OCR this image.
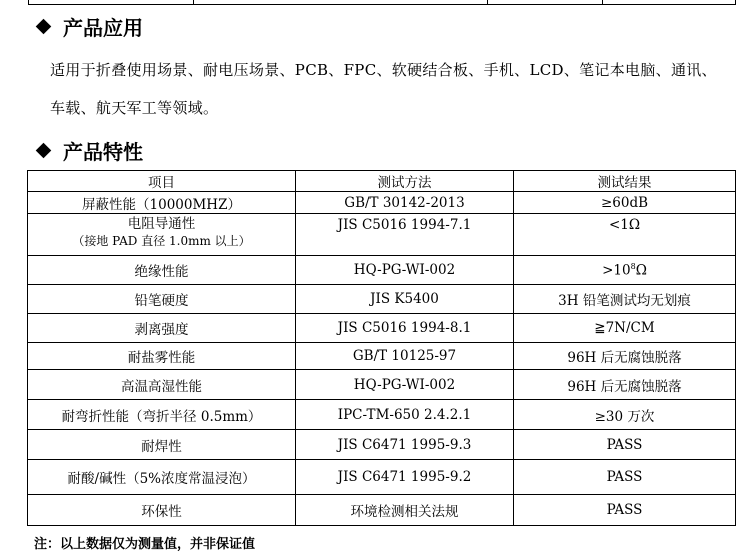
产品应用
适用于折叠使用场景、耐电压场景、PCB、FPC、软硬结合板、手机、LCD、笔记本电脑、通讯、
车载、航天军工等领域。
产品特性
项目	测试方法	测试结果
屏蔽性能（10000MHZ）	GB/T 30142-2013	≥60dB

电阻导通性
（接地 PAD 直径 1.0mm 以上）	JIS C5016 1994-7.1	<1Ω
绝缘性能	HQ-PG-WI-002	$>10^8\Omega$
铅笔硬度	JIS K5400	3H 铅笔测试均无划痕
剥离强度	JIS C5016 1994-8.1	≧7N/CM
耐盐雾性能	GB/T 10125-97	96H 后无腐蚀脱落
高温高湿性能	HQ-PG-WI-002	96H 后无腐蚀脱落
耐弯折性能（弯折半径 0.5mm）	IPC-TM-650 2.4.2.1	≥30 万次
耐焊性	JIS C6471 1995-9.3	PASS
耐酸/碱性（5%浓度常温浸泡）	JIS C6471 1995-9.2	PASS
环保性	环境检测相关法规	PASS
注：以上数据仅为测量值，并非保证值
